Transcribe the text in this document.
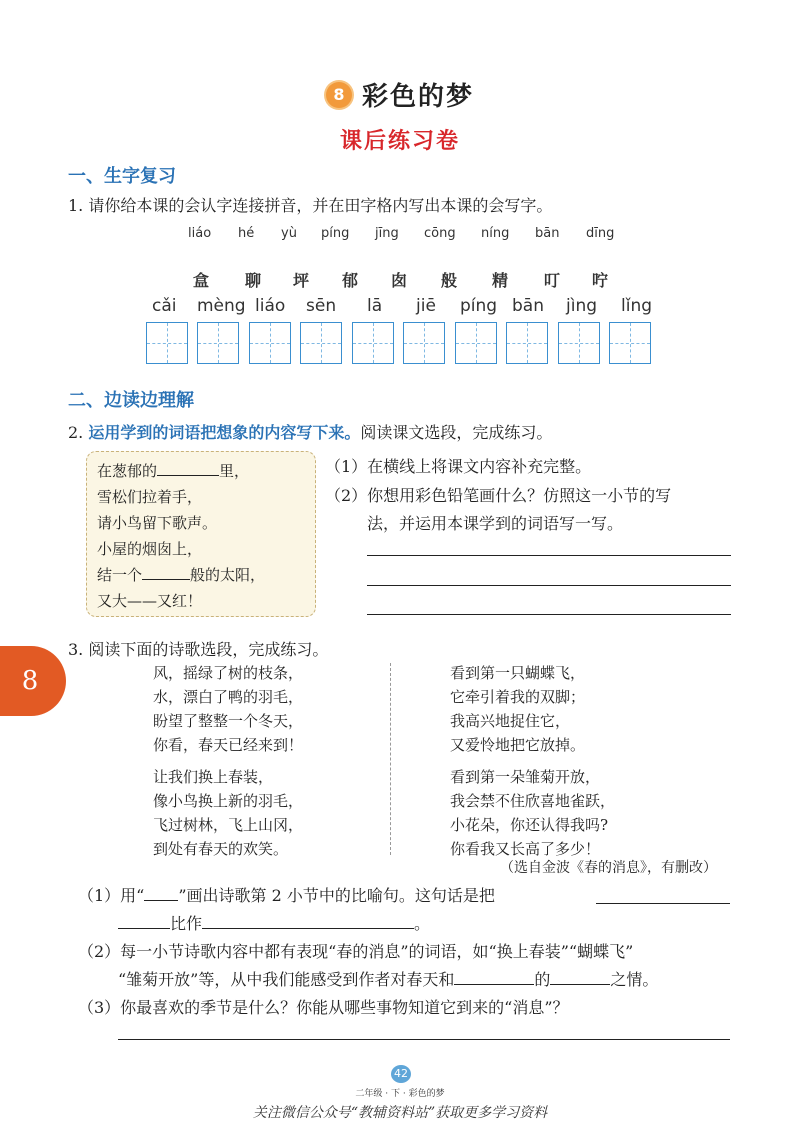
8 彩色的梦
课后练习卷
一、生字复习
1. 请你给本课的会认字连接拼音，并在田字格内写出本课的会写字。
liáo hé yù píng jīng cōng níng bān dīng
盒 聊 坪 郁 囱 般 精 叮 咛
cǎi mèng liáo sēn lā jiē píng bān jìng lǐng
二、边读边理解
2. 运用学到的词语把想象的内容写下来。阅读课文选段，完成练习。
在葱郁的	里，
雪松们拉着手，
请小鸟留下歌声。
小屋的烟囱上，
结一个	般的太阳，
又大——又红！
（1）在横线上将课文内容补充完整。
（2）你想用彩色铅笔画什么？仿照这一小节的写
法，并运用本课学到的词语写一写。
3. 阅读下面的诗歌选段，完成练习。
8	风，摇绿了树的枝条，
水，漂白了鸭的羽毛，
盼望了整整一个冬天，
你看，春天已经来到！
让我们换上春装，
像小鸟换上新的羽毛，
飞过树林，飞上山冈，
到处有春天的欢笑。
看到第一只蝴蝶飞，
它牵引着我的双脚；
我高兴地捉住它，
又爱怜地把它放掉。
看到第一朵雏菊开放，
我会禁不住欣喜地雀跃，
小花朵，你还认得我吗?
你看我又长高了多少！
（选自金波《春的消息》，有删改）
（1）用“ ”画出诗歌第 2 小节中的比喻句。这句话是把
比作	。
（2）每一小节诗歌内容中都有表现“春的消息”的词语，如“换上春装”“蝴蝶飞”
“雏菊开放”等，从中我们能感受到作者对春天和	的	之情。
（3）你最喜欢的季节是什么？你能从哪些事物知道它到来的“消息”？
42
二年级 · 下 · 彩色的梦
关注微信公众号“教辅资料站”获取更多学习资料
